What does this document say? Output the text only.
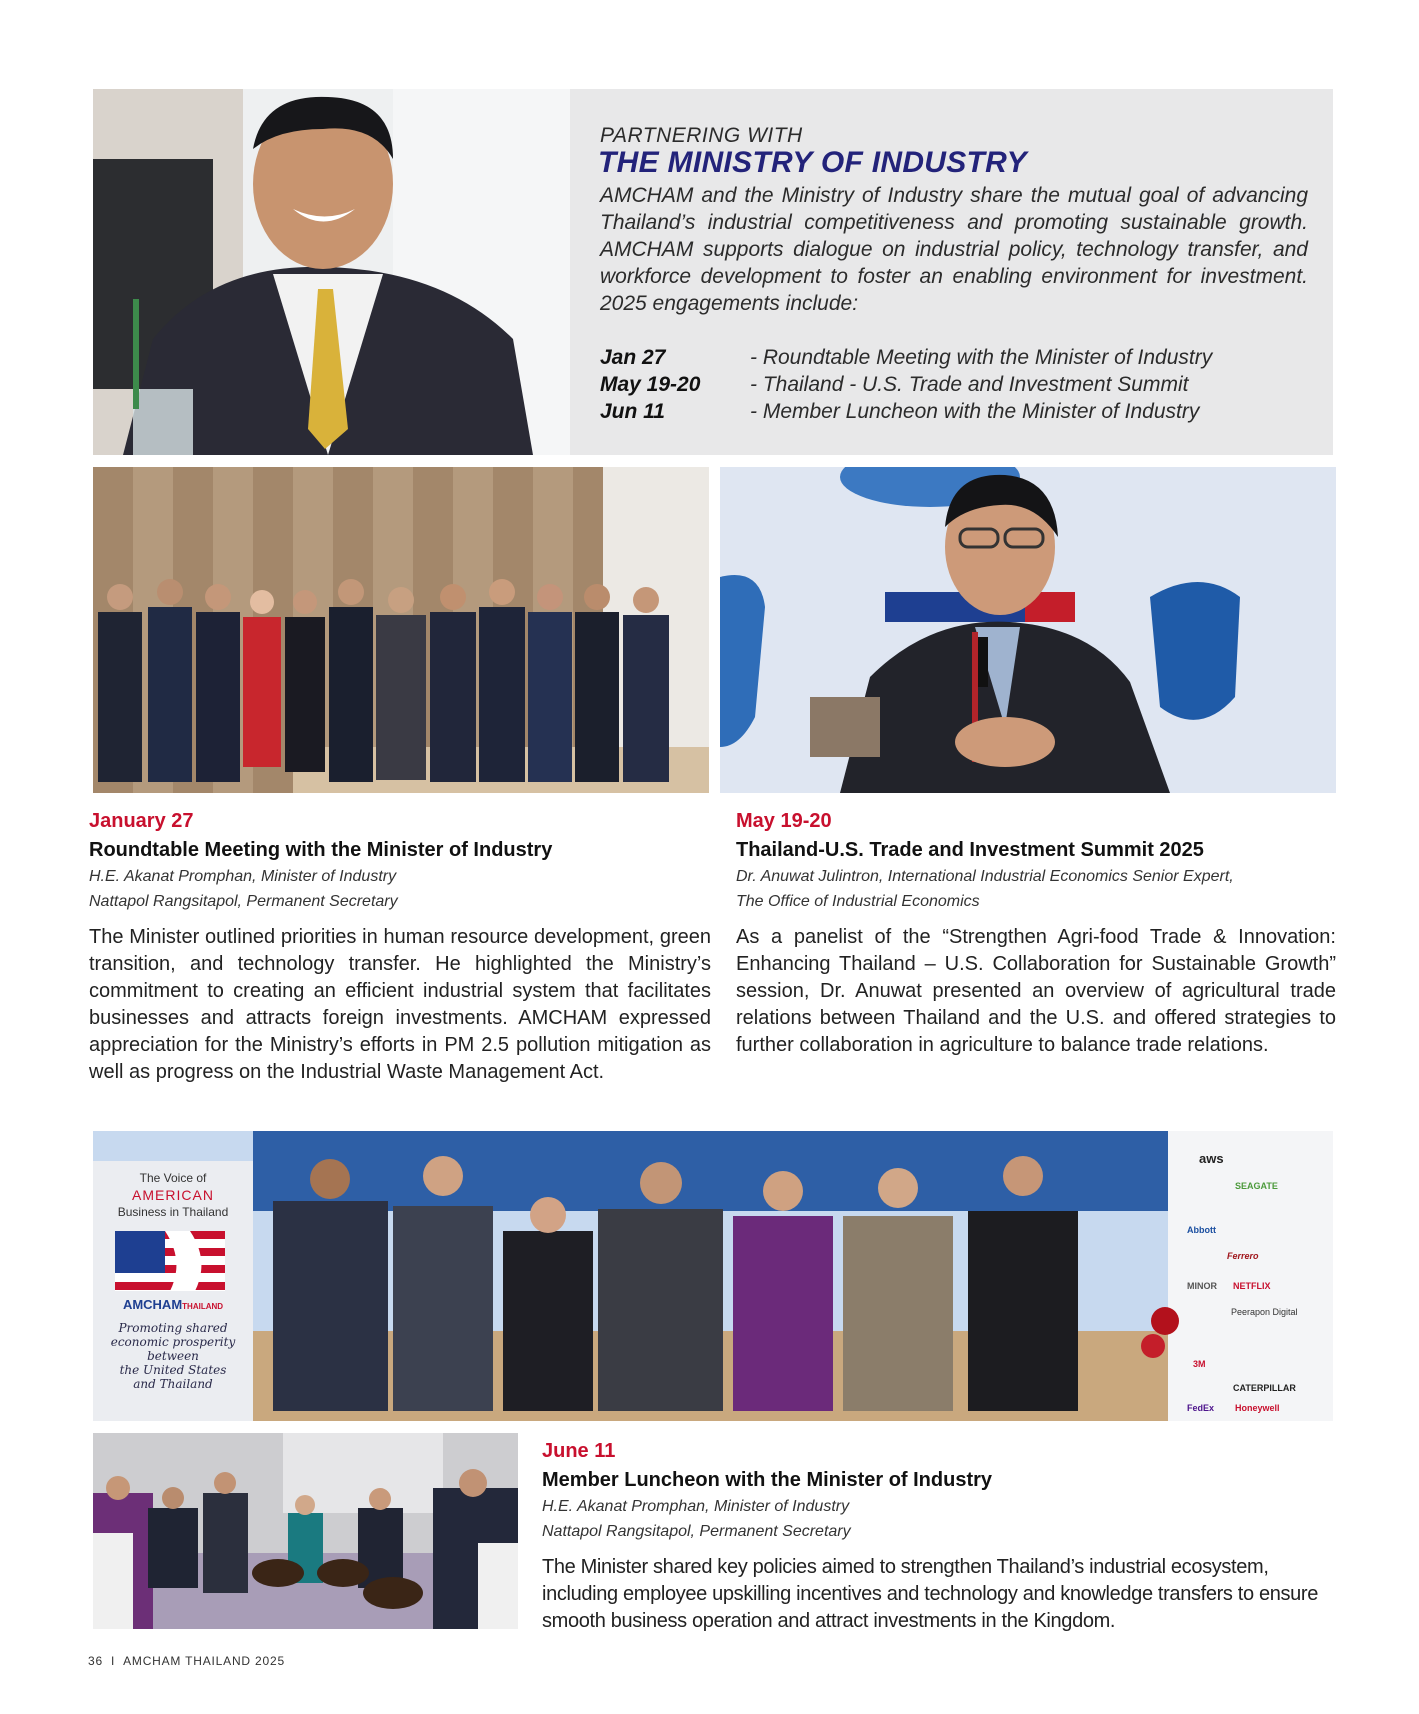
PARTNERING WITH
THE MINISTRY OF INDUSTRY

AMCHAM and the Ministry of Industry share the mutual goal of advancing Thailand’s industrial competitiveness and promoting sustainable growth. AMCHAM supports dialogue on industrial policy, technology transfer, and workforce development to foster an enabling environment for investment. 2025 engagements include:

Jan 27	- Roundtable Meeting with the Minister of Industry
May 19-20	- Thailand - U.S. Trade and Investment Summit
Jun 11	- Member Luncheon with the Minister of Industry
January 27
Roundtable Meeting with the Minister of Industry
H.E. Akanat Promphan, Minister of Industry
Nattapol Rangsitapol, Permanent Secretary

The Minister outlined priorities in human resource development, green transition, and technology transfer. He highlighted the Ministry’s commitment to creating an efficient industrial system that facilitates businesses and attracts foreign investments. AMCHAM expressed appreciation for the Ministry’s efforts in PM 2.5 pollution mitigation as well as progress on the Industrial Waste Management Act.

May 19-20
Thailand-U.S. Trade and Investment Summit 2025
Dr. Anuwat Julintron, International Industrial Economics Senior Expert,
The Office of Industrial Economics

As a panelist of the “Strengthen Agri-food Trade & Innovation: Enhancing Thailand – U.S. Collaboration for Sustainable Growth” session, Dr. Anuwat presented an overview of agricultural trade relations between Thailand and the U.S. and offered strategies to further collaboration in agriculture to balance trade relations.

The Voice of
AMERICAN
Business in Thailand
AMCHAMTHAILAND
Promoting shared
economic prosperity
between
the United States
and Thailand
aws
SEAGATE
Abbott
Ferrero
NETFLIX
MINOR
Peerapon Digital
3M
CATERPILLAR
Honeywell
FedEx
June 11
Member Luncheon with the Minister of Industry
H.E. Akanat Promphan, Minister of Industry
Nattapol Rangsitapol, Permanent Secretary

The Minister shared key policies aimed to strengthen Thailand’s industrial ecosystem, including employee upskilling incentives and technology and knowledge transfers to ensure smooth business operation and attract investments in the Kingdom.

36 I AMCHAM THAILAND 2025
